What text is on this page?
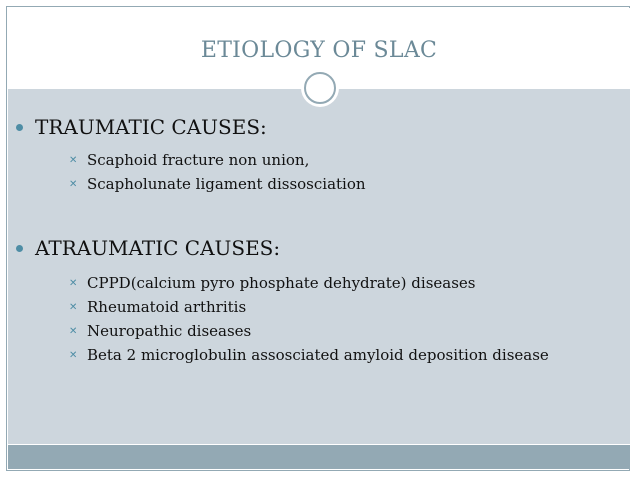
ETIOLOGY OF SLAC
TRAUMATIC CAUSES:
✕ Scaphoid fracture non union,
✕ Scapholunate ligament dissosciation
ATRAUMATIC CAUSES:
✕ CPPD(calcium pyro phosphate dehydrate) diseases
✕ Rheumatoid arthritis
✕ Neuropathic diseases
✕ Beta 2 microglobulin assosciated amyloid deposition disease
